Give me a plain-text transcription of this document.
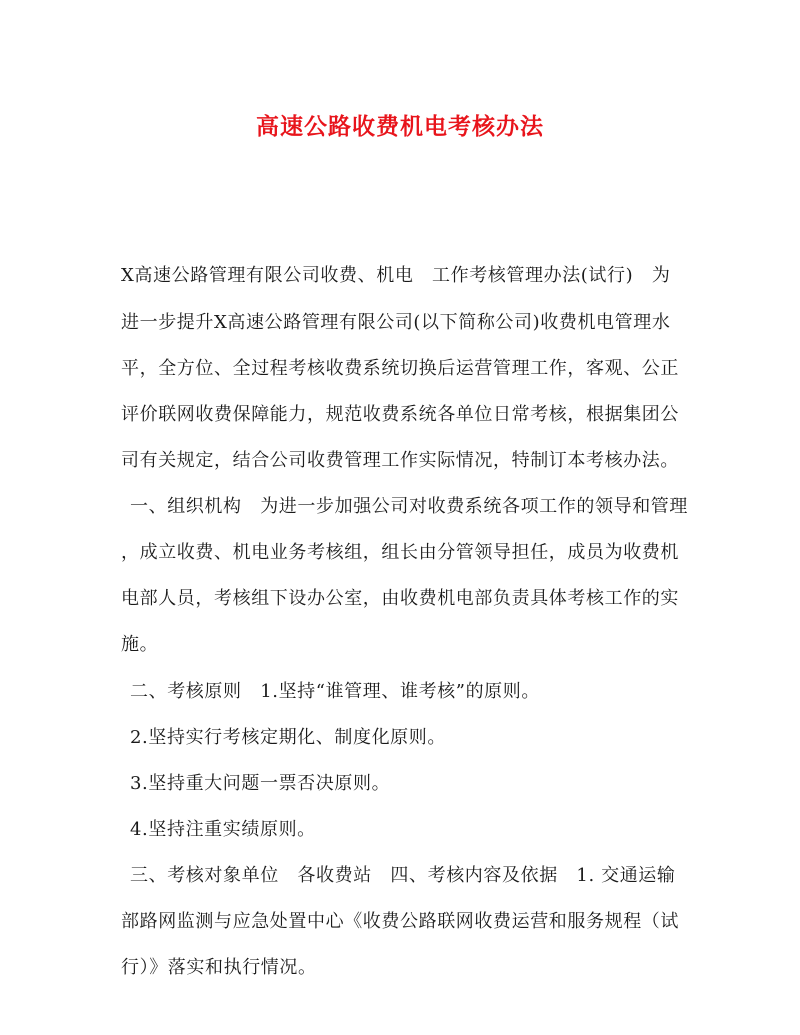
高速公路收费机电考核办法

X高速公路管理有限公司收费、机电　工作考核管理办法(试行)　为

进一步提升X高速公路管理有限公司(以下简称公司)收费机电管理水

平，全方位、全过程考核收费系统切换后运营管理工作，客观、公正

评价联网收费保障能力，规范收费系统各单位日常考核，根据集团公

司有关规定，结合公司收费管理工作实际情况，特制订本考核办法。

一、组织机构　为进一步加强公司对收费系统各项工作的领导和管理

，成立收费、机电业务考核组，组长由分管领导担任，成员为收费机

电部人员，考核组下设办公室，由收费机电部负责具体考核工作的实

施。

二、考核原则　1.坚持“谁管理、谁考核”的原则。

2.坚持实行考核定期化、制度化原则。

3.坚持重大问题一票否决原则。

4.坚持注重实绩原则。

三、考核对象单位　各收费站　四、考核内容及依据　1. 交通运输

部路网监测与应急处置中心《收费公路联网收费运营和服务规程（试

行）》落实和执行情况。
